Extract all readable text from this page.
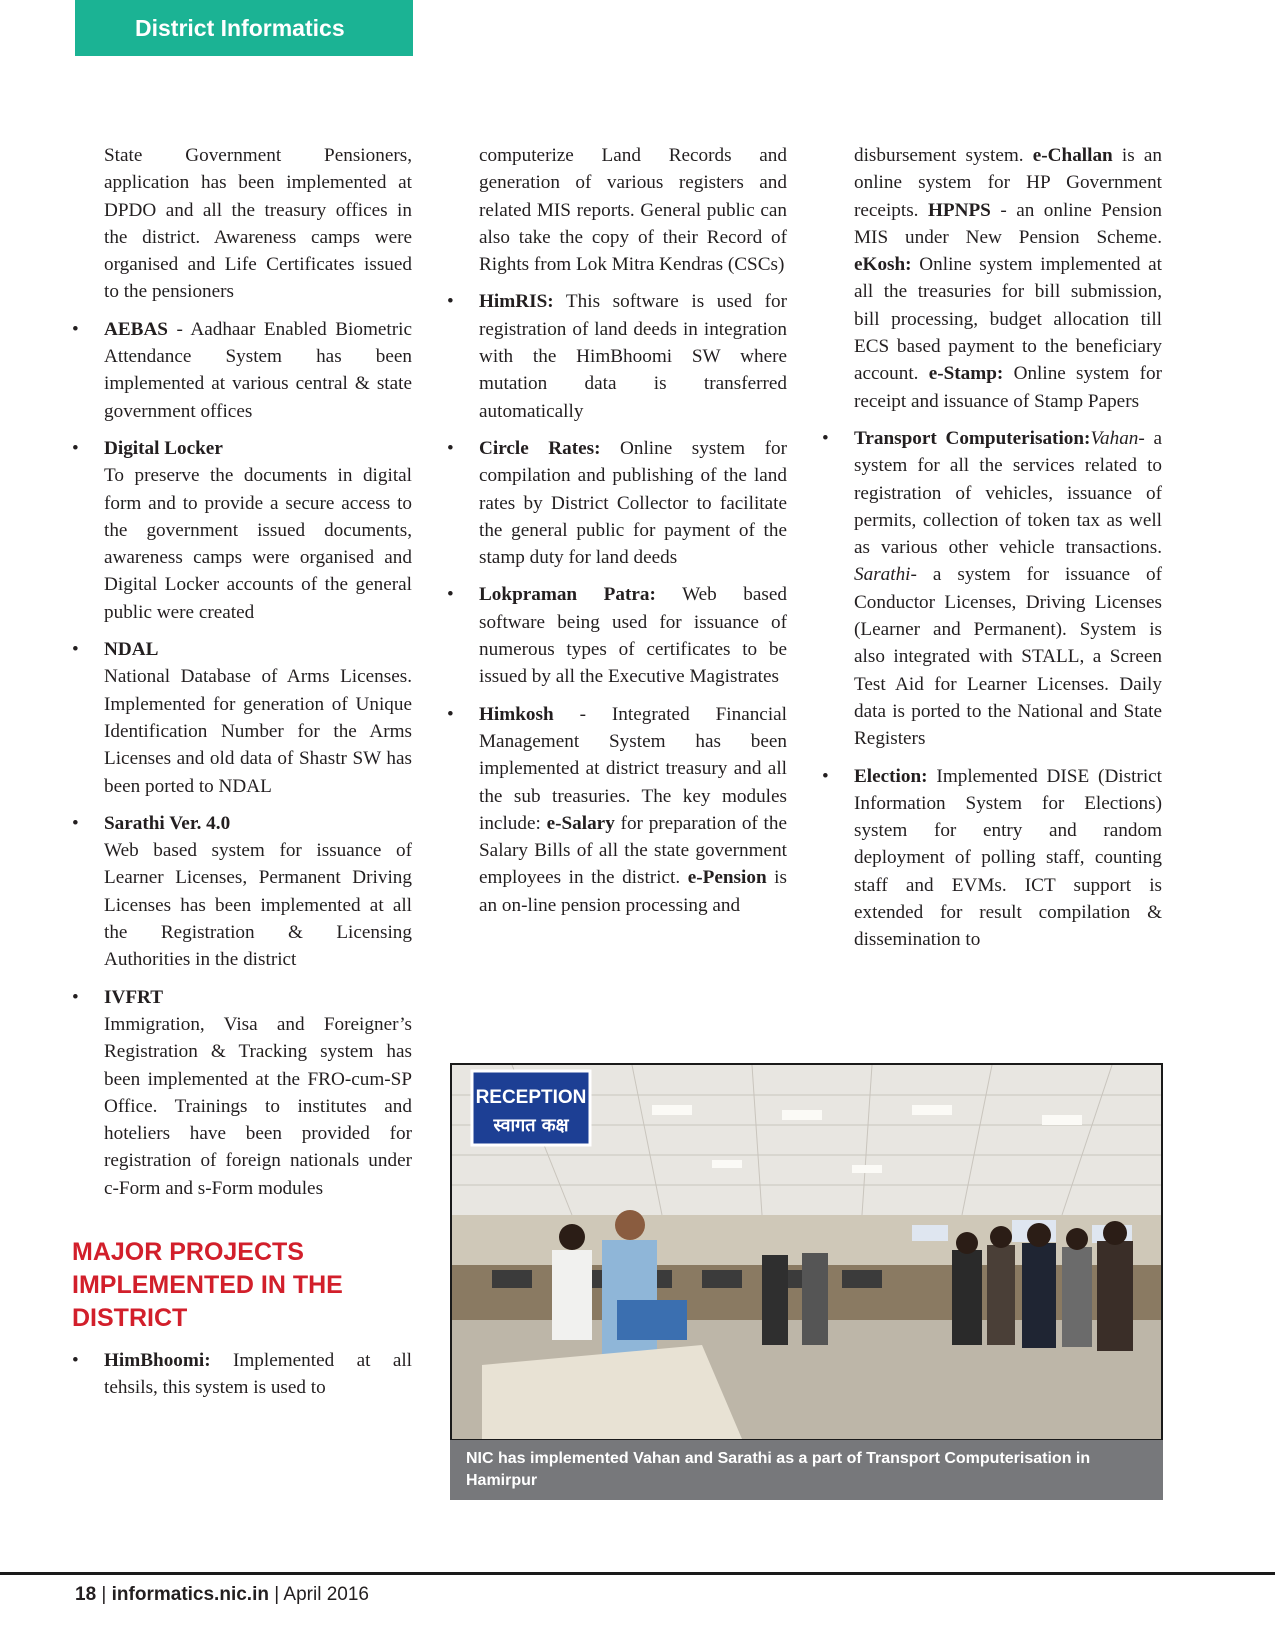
District Informatics

State Government Pensioners, application has been implemented at DPDO and all the treasury offices in the district. Awareness camps were organised and Life Certificates issued to the pensioners

• AEBAS - Aadhaar Enabled Biometric Attendance System has been implemented at various central & state government offices

• Digital Locker

To preserve the documents in digital form and to provide a secure access to the government issued documents, awareness camps were organised and Digital Locker accounts of the general public were created

• NDAL

National Database of Arms Licenses. Implemented for generation of Unique Identification Number for the Arms Licenses and old data of Shastr SW has been ported to NDAL

• Sarathi Ver. 4.0

Web based system for issuance of Learner Licenses, Permanent Driving Licenses has been implemented at all the Registration & Licensing Authorities in the district

• IVFRT

Immigration, Visa and Foreigner’s Registration & Tracking system has been implemented at the FRO-cum-SP Office. Trainings to institutes and hoteliers have been provided for registration of foreign nationals under c-Form and s-Form modules

MAJOR PROJECTS
IMPLEMENTED IN THE
DISTRICT
• HimBhoomi: Implemented at all tehsils, this system is used to

computerize Land Records and generation of various registers and related MIS reports. General public can also take the copy of their Record of Rights from Lok Mitra Kendras (CSCs)

• HimRIS: This software is used for registration of land deeds in integration with the HimBhoomi SW where mutation data is transferred automatically

• Circle Rates: Online system for compilation and publishing of the land rates by District Collector to facilitate the general public for payment of the stamp duty for land deeds

• Lokpraman Patra: Web based software being used for issuance of numerous types of certificates to be issued by all the Executive Magistrates

• Himkosh - Integrated Financial Management System has been implemented at district treasury and all the sub treasuries. The key modules include: e-Salary for preparation of the Salary Bills of all the state government employees in the district. e-Pension is an on-line pension processing and

disbursement system. e-Challan is an online system for HP Government receipts. HPNPS - an online Pension MIS under New Pension Scheme. eKosh: Online system implemented at all the treasuries for bill submission, bill processing, budget allocation till ECS based payment to the beneficiary account. e-Stamp: Online system for receipt and issuance of Stamp Papers

• Transport Computerisation:Vahan- a system for all the services related to registration of vehicles, issuance of permits, collection of token tax as well as various other vehicle transactions. Sarathi- a system for issuance of Conductor Licenses, Driving Licenses (Learner and Permanent). System is also integrated with STALL, a Screen Test Aid for Learner Licenses. Daily data is ported to the National and State Registers

• Election: Implemented DISE (District Information System for Elections) system for entry and random deployment of polling staff, counting staff and EVMs. ICT support is extended for result compilation & dissemination to

RECEPTION
स्वागत कक्ष
NIC has implemented Vahan and Sarathi as a part of Transport Computerisation in Hamirpur
18 | informatics.nic.in | April 2016
